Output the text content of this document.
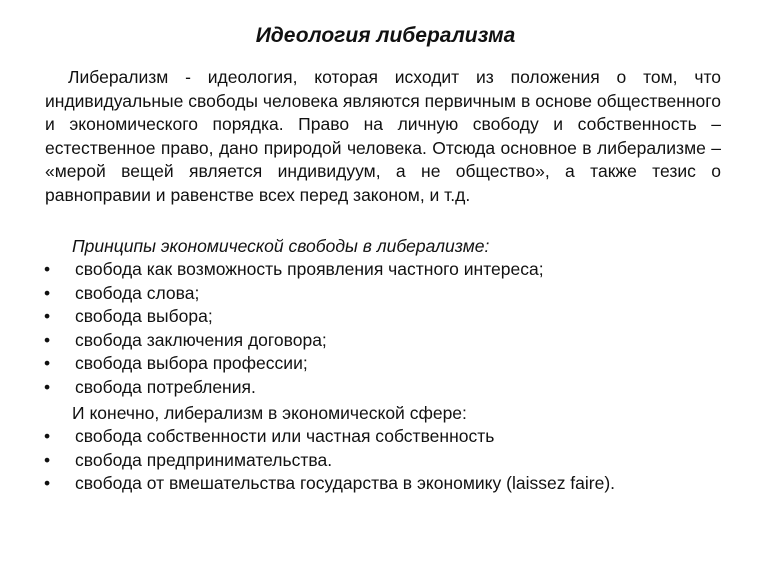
Идеология либерализма

Либерализм - идеология, которая исходит из положения о том, что индивидуальные свободы человека являются первичным в основе общественного и экономического порядка. Право на личную свободу и собственность – естественное право, дано природой человека. Отсюда основное в либерализме – «мерой вещей является индивидуум, а не общество», а также тезис о равноправии и равенстве всех перед законом, и т.д.

Принципы экономической свободы в либерализме:
•	свобода как возможность проявления частного интереса;
•	свобода слова;
•	свобода выбора;
•	свобода заключения договора;
•	свобода выбора профессии;
•	свобода потребления.
И конечно, либерализм в экономической сфере:
•	свобода собственности или частная собственность
•	свобода предпринимательства.
•	свобода от вмешательства государства в экономику (laissez faire).
